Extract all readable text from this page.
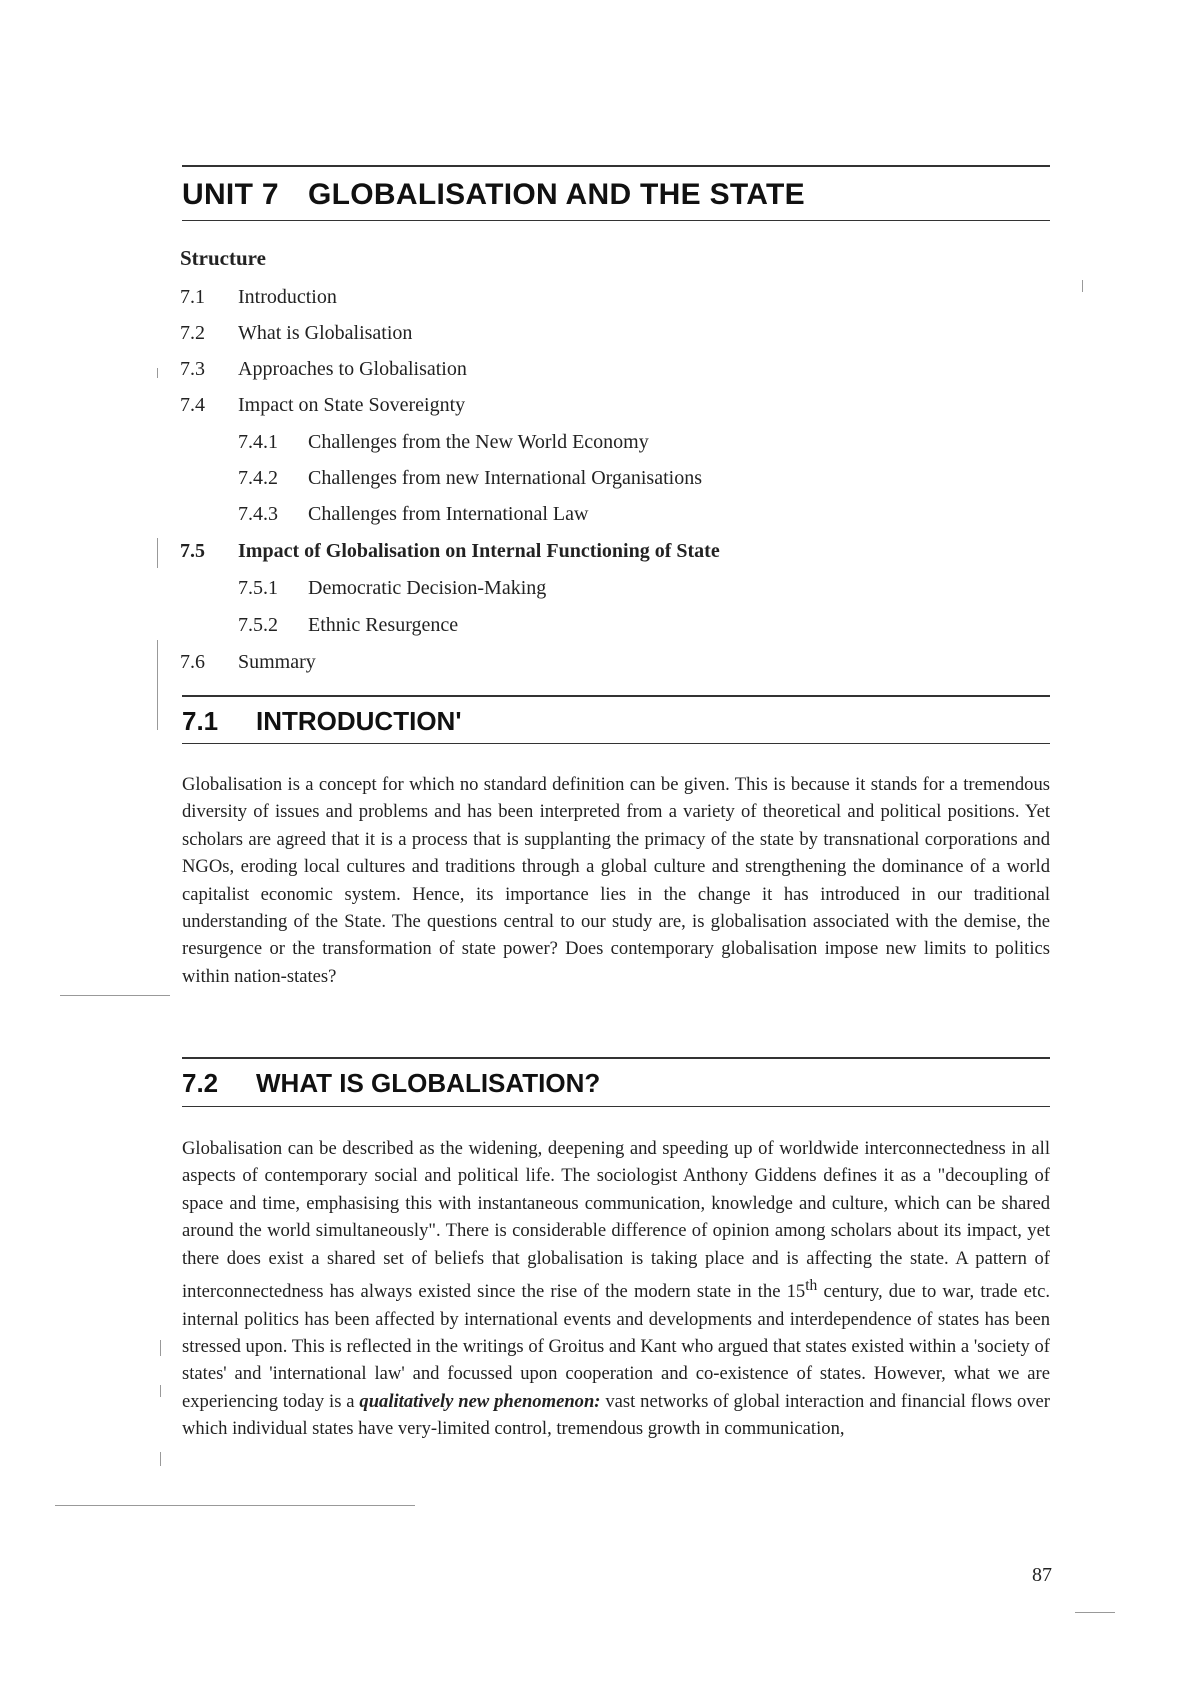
UNIT 7 GLOBALISATION AND THE STATE
Structure
7.1 Introduction
7.2 What is Globalisation
7.3 Approaches to Globalisation
7.4 Impact on State Sovereignty
7.4.1 Challenges from the New World Economy
7.4.2 Challenges from new International Organisations
7.4.3 Challenges from International Law
7.5 Impact of Globalisation on Internal Functioning of State
7.5.1 Democratic Decision-Making
7.5.2 Ethnic Resurgence
7.6 Summary
7.1 INTRODUCTION'

Globalisation is a concept for which no standard definition can be given. This is because it stands for a tremendous diversity of issues and problems and has been interpreted from a variety of theoretical and political positions. Yet scholars are agreed that it is a process that is supplanting the primacy of the state by transnational corporations and NGOs, eroding local cultures and traditions through a global culture and strengthening the dominance of a world capitalist economic system. Hence, its importance lies in the change it has introduced in our traditional understanding of the State. The questions central to our study are, is globalisation associated with the demise, the resurgence or the transformation of state power? Does contemporary globalisation impose new limits to politics within nation-states?

7.2 WHAT IS GLOBALISATION?

Globalisation can be described as the widening, deepening and speeding up of worldwide interconnectedness in all aspects of contemporary social and political life. The sociologist Anthony Giddens defines it as a "decoupling of space and time, emphasising this with instantaneous communication, knowledge and culture, which can be shared around the world simultaneously". There is considerable difference of opinion among scholars about its impact, yet there does exist a shared set of beliefs that globalisation is taking place and is affecting the state. A pattern of interconnectedness has always existed since the rise of the modern state in the 15th century, due to war, trade etc. internal politics has been affected by international events and developments and interdependence of states has been stressed upon. This is reflected in the writings of Groitus and Kant who argued that states existed within a 'society of states' and 'international law' and focussed upon cooperation and co-existence of states. However, what we are experiencing today is a qualitatively new phenomenon: vast networks of global interaction and financial flows over which individual states have very-limited control, tremendous growth in communication,

87
